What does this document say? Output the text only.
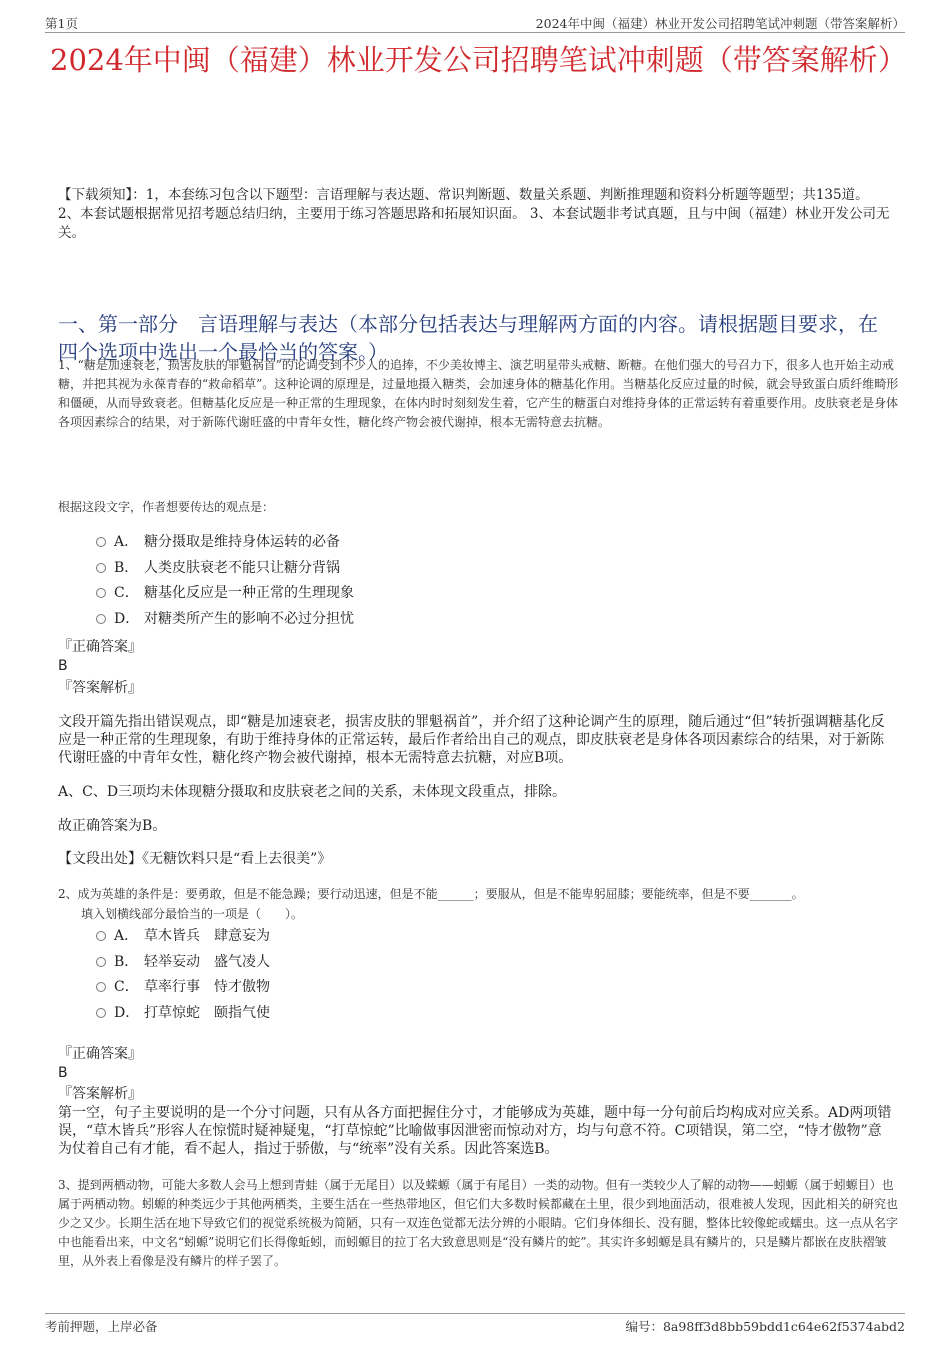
第1页	2024年中闽（福建）林业开发公司招聘笔试冲刺题（带答案解析）
2024年中闽（福建）林业开发公司招聘笔试冲刺题（带答案解析）
【下载须知】：1，本套练习包含以下题型：言语理解与表达题、常识判断题、数量关系题、判断推理题和资料分析题等题型；共135道。 2、本套试题根据常见招考题总结归纳，主要用于练习答题思路和拓展知识面。 3、本套试题非考试真题，且与中闽（福建）林业开发公司无关。
一、第一部分　言语理解与表达（本部分包括表达与理解两方面的内容。请根据题目要求，在四个选项中选出一个最恰当的答案。）
1、“糖是加速衰老，损害皮肤的罪魁祸首”的论调受到不少人的追捧，不少美妆博主、演艺明星带头戒糖、断糖。在他们强大的号召力下，很多人也开始主动戒糖，并把其视为永葆青春的“救命稻草”。这种论调的原理是，过量地摄入糖类，会加速身体的糖基化作用。当糖基化反应过量的时候，就会导致蛋白质纤维畸形和僵硬，从而导致衰老。但糖基化反应是一种正常的生理现象，在体内时时刻刻发生着，它产生的糖蛋白对维持身体的正常运转有着重要作用。皮肤衰老是身体各项因素综合的结果，对于新陈代谢旺盛的中青年女性，糖化终产物会被代谢掉，根本无需特意去抗糖。
根据这段文字，作者想要传达的观点是：
A． 糖分摄取是维持身体运转的必备
B． 人类皮肤衰老不能只让糖分背锅
C． 糖基化反应是一种正常的生理现象
D． 对糖类所产生的影响不必过分担忧
『正确答案』
B
『答案解析』
文段开篇先指出错误观点，即“糖是加速衰老，损害皮肤的罪魁祸首”，并介绍了这种论调产生的原理，随后通过“但”转折强调糖基化反应是一种正常的生理现象，有助于维持身体的正常运转，最后作者给出自己的观点，即皮肤衰老是身体各项因素综合的结果，对于新陈代谢旺盛的中青年女性，糖化终产物会被代谢掉，根本无需特意去抗糖，对应B项。
A、C、D三项均未体现糖分摄取和皮肤衰老之间的关系，未体现文段重点，排除。
故正确答案为B。
【文段出处】《无糖饮料只是“看上去很美”》
2、成为英雄的条件是：要勇敢，但是不能急躁；要行动迅速，但是不能______；要服从，但是不能卑躬屈膝；要能统率，但是不要_______。
填入划横线部分最恰当的一项是（　　）。
A． 草木皆兵　肆意妄为
B． 轻举妄动　盛气凌人
C． 草率行事　恃才傲物
D． 打草惊蛇　颐指气使
『正确答案』
B
『答案解析』
第一空，句子主要说明的是一个分寸问题，只有从各方面把握住分寸，才能够成为英雄，题中每一分句前后均构成对应关系。AD两项错误，“草木皆兵”形容人在惊慌时疑神疑鬼，“打草惊蛇”比喻做事因泄密而惊动对方，均与句意不符。C项错误，第二空，“恃才傲物”意为仗着自己有才能，看不起人，指过于骄傲，与“统率”没有关系。因此答案选B。
3、提到两栖动物，可能大多数人会马上想到青蛙（属于无尾目）以及蝾螈（属于有尾目）一类的动物。但有一类较少人了解的动物——蚓螈（属于蚓螈目）也属于两栖动物。蚓螈的种类远少于其他两栖类，主要生活在一些热带地区，但它们大多数时候都藏在土里，很少到地面活动，很难被人发现，因此相关的研究也少之又少。长期生活在地下导致它们的视觉系统极为简陋，只有一双连色觉都无法分辨的小眼睛。它们身体细长、没有腿，整体比较像蛇或蠕虫。这一点从名字中也能看出来，中文名“蚓螈”说明它们长得像蚯蚓，而蚓螈目的拉丁名大致意思则是“没有鳞片的蛇”。其实许多蚓螈是具有鳞片的，只是鳞片都嵌在皮肤褶皱里，从外表上看像是没有鳞片的样子罢了。
考前押题，上岸必备	编号：8a98ff3d8bb59bdd1c64e62f5374abd2
